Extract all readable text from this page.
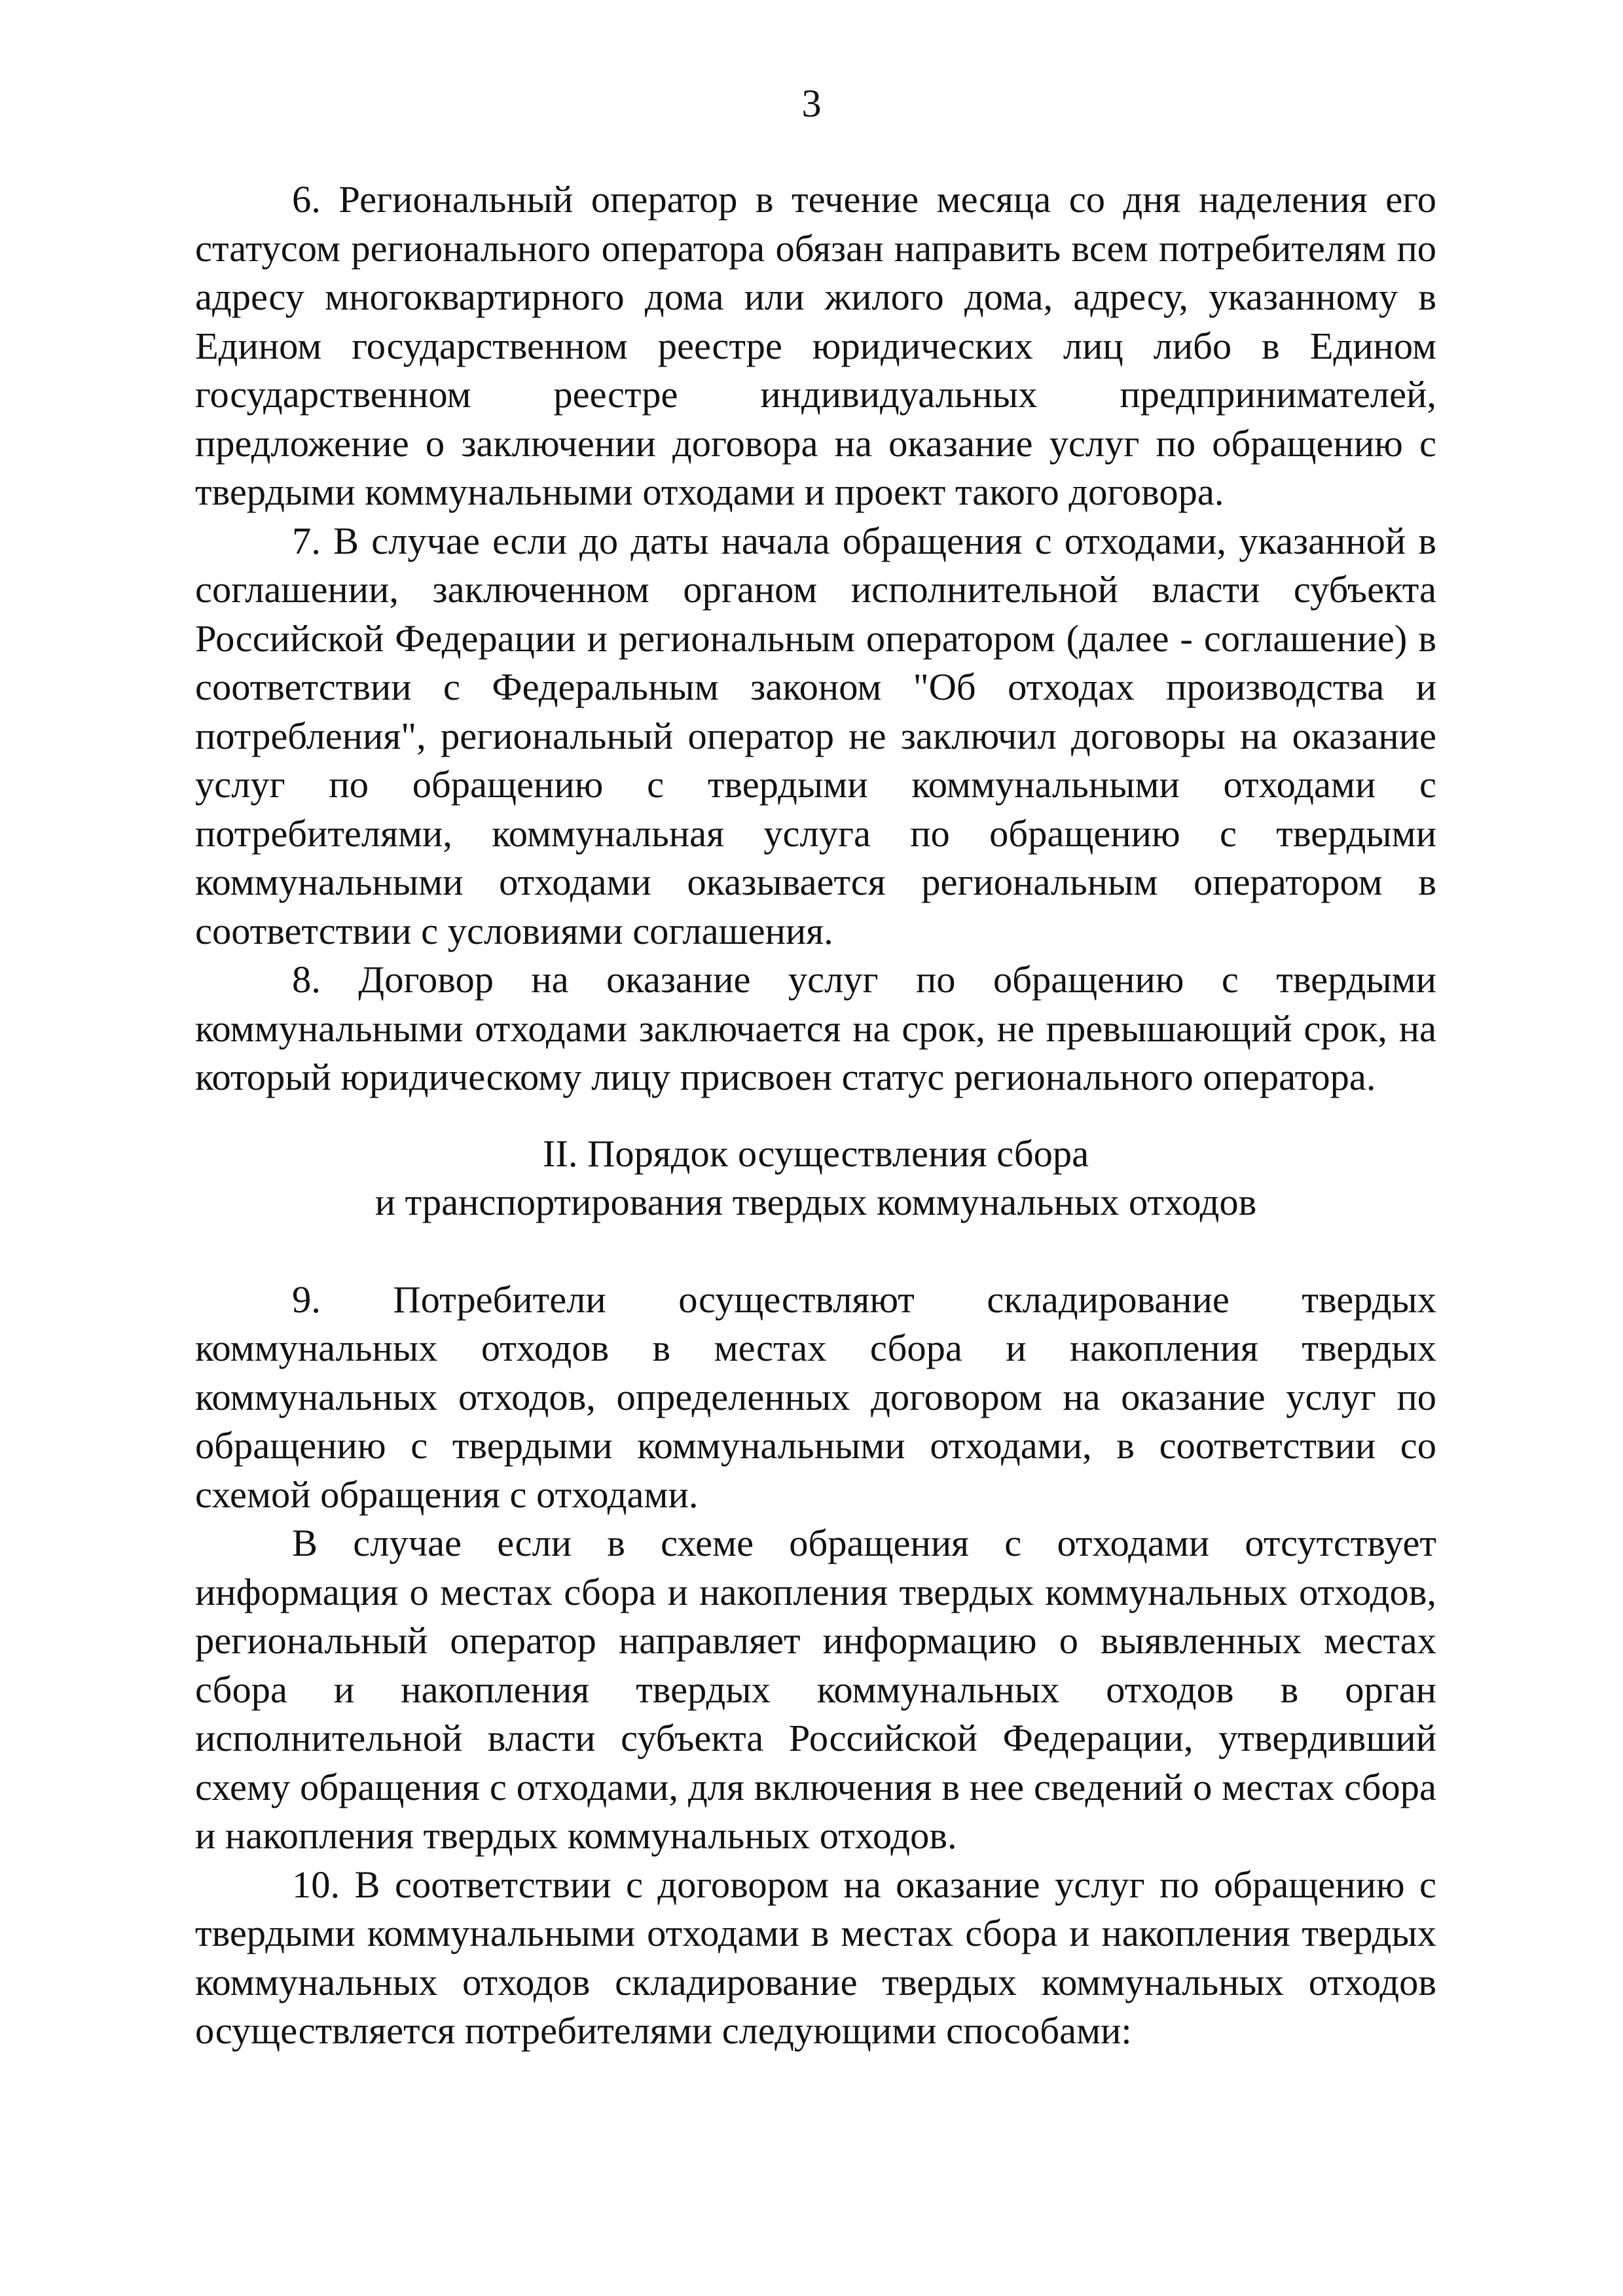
3

6. Региональный оператор в течение месяца со дня наделения его статусом регионального оператора обязан направить всем потребителям по адресу многоквартирного дома или жилого дома, адресу, указанному в Едином государственном реестре юридических лиц либо в Едином государственном реестре индивидуальных предпринимателей, предложение о заключении договора на оказание услуг по обращению с твердыми коммунальными отходами и проект такого договора.

7. В случае если до даты начала обращения с отходами, указанной в соглашении, заключенном органом исполнительной власти субъекта Российской Федерации и региональным оператором (далее - соглашение) в соответствии с Федеральным законом "Об отходах производства и потребления", региональный оператор не заключил договоры на оказание услуг по обращению с твердыми коммунальными отходами с потребителями, коммунальная услуга по обращению с твердыми коммунальными отходами оказывается региональным оператором в соответствии с условиями соглашения.

8. Договор на оказание услуг по обращению с твердыми коммунальными отходами заключается на срок, не превышающий срок, на который юридическому лицу присвоен статус регионального оператора.

II. Порядок осуществления сбора
и транспортирования твердых коммунальных отходов

9. Потребители осуществляют складирование твердых коммунальных отходов в местах сбора и накопления твердых коммунальных отходов, определенных договором на оказание услуг по обращению с твердыми коммунальными отходами, в соответствии со схемой обращения с отходами.

В случае если в схеме обращения с отходами отсутствует информация о местах сбора и накопления твердых коммунальных отходов, региональный оператор направляет информацию о выявленных местах сбора и накопления твердых коммунальных отходов в орган исполнительной власти субъекта Российской Федерации, утвердивший схему обращения с отходами, для включения в нее сведений о местах сбора и накопления твердых коммунальных отходов.

10. В соответствии с договором на оказание услуг по обращению с твердыми коммунальными отходами в местах сбора и накопления твердых коммунальных отходов складирование твердых коммунальных отходов осуществляется потребителями следующими способами:
